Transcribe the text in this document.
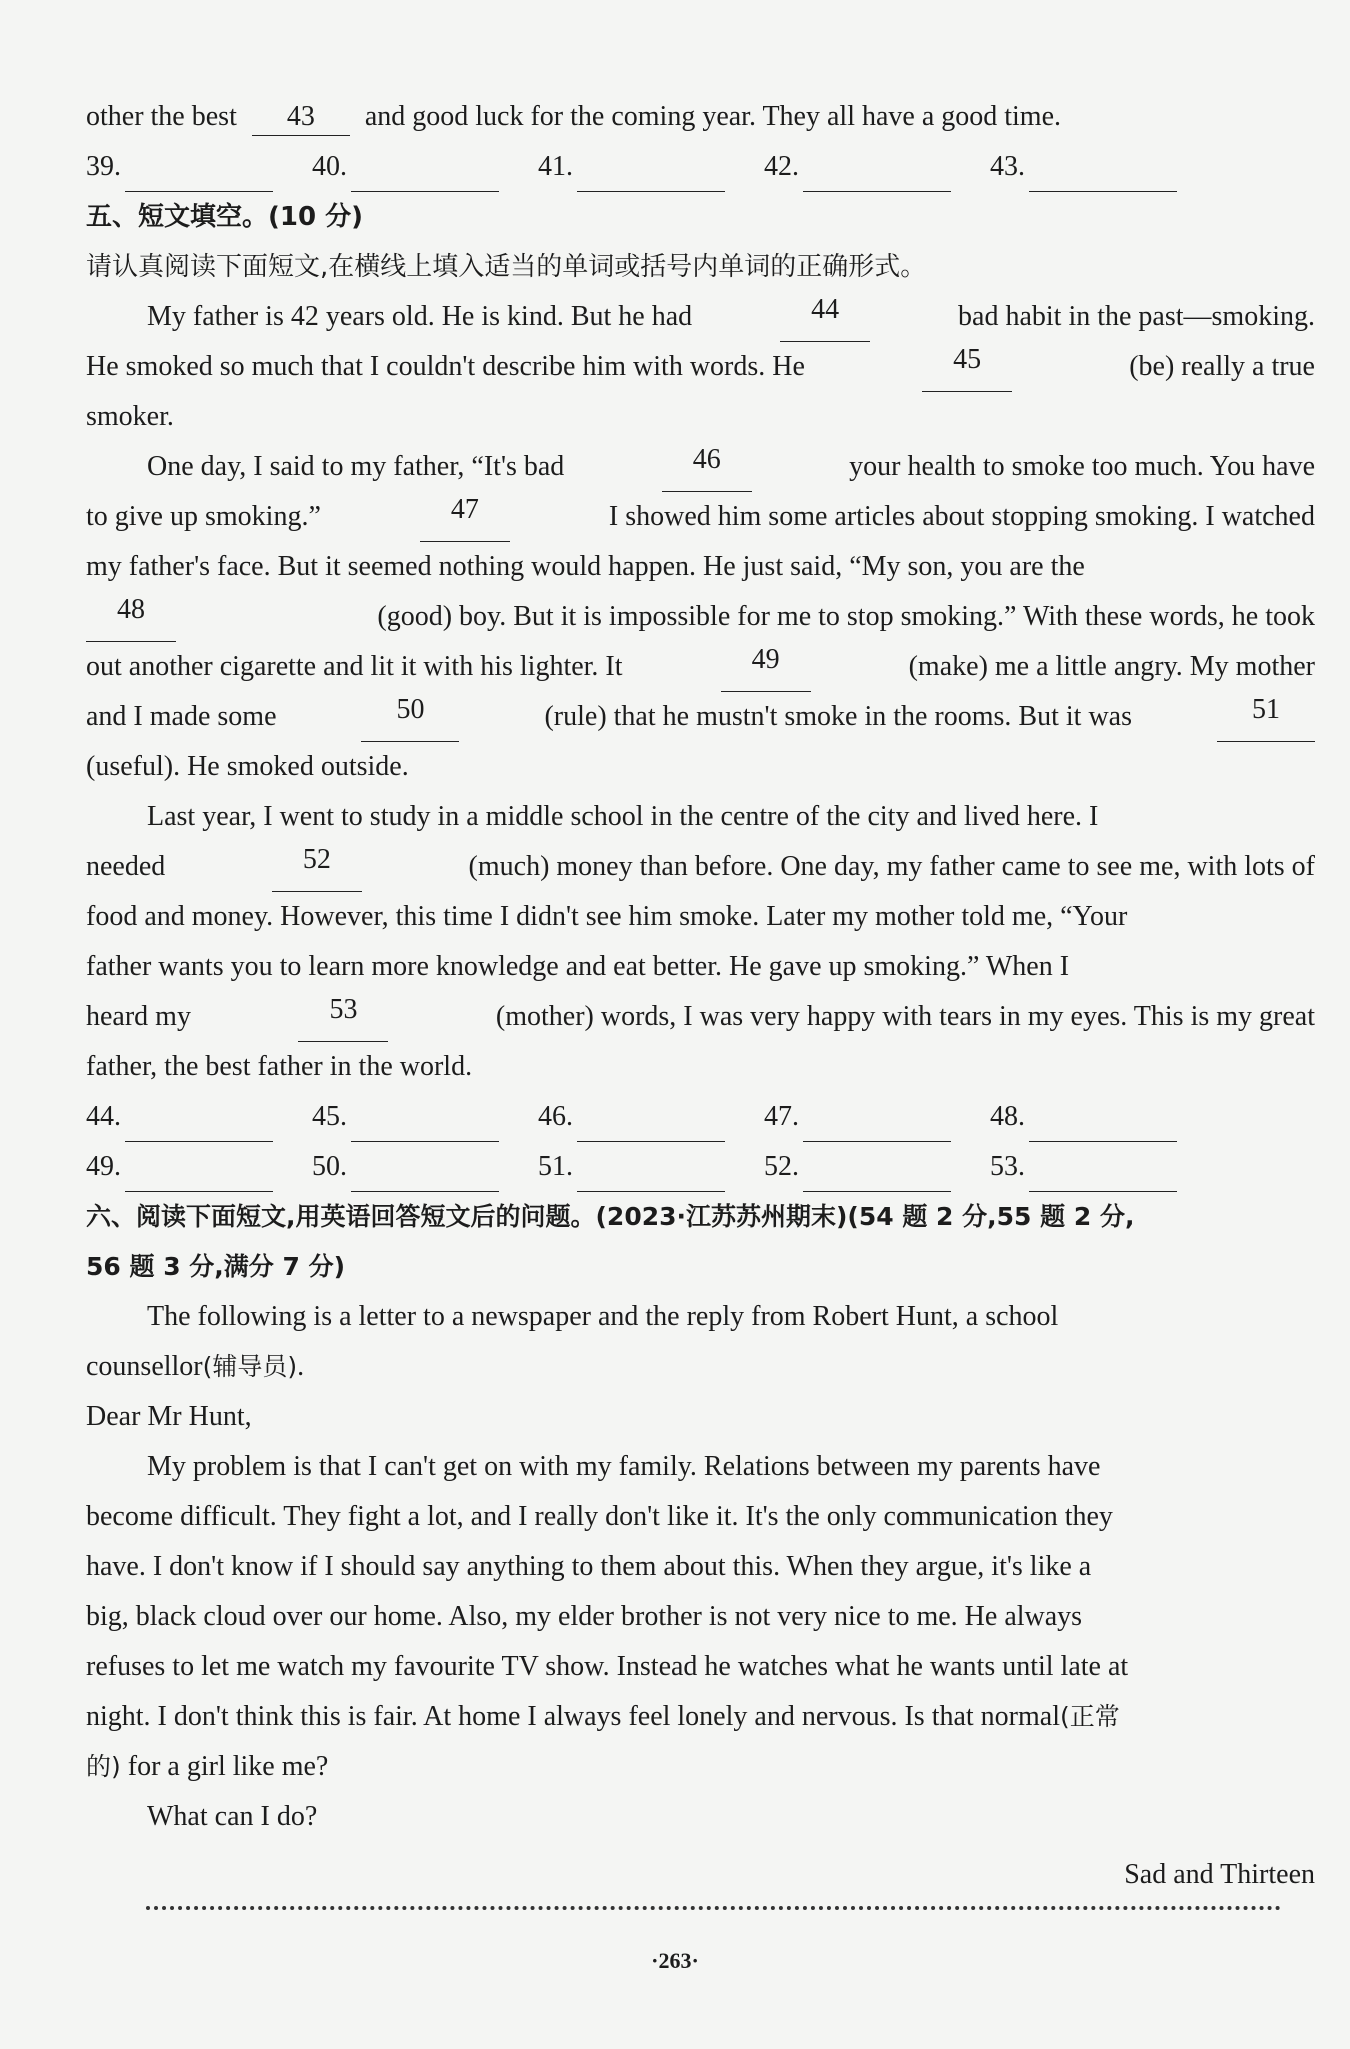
other the best 43 and good luck for the coming year. They all have a good time.
39.	40.	41.	42.	43.
五、短文填空。(10 分)
请认真阅读下面短文,在横线上填入适当的单词或括号内单词的正确形式。
My father is 42 years old. He is kind. But he had	44	bad habit in the past—smoking.
He smoked so much that I couldn't describe him with words. He	45	(be) really a true
smoker.
One day, I said to my father, “It's bad	46	your health to smoke too much. You have
to give up smoking.”	47	I showed him some articles about stopping smoking. I watched
my father's face. But it seemed nothing would happen. He just said, “My son, you are the
48	(good) boy. But it is impossible for me to stop smoking.” With these words, he took
out another cigarette and lit it with his lighter. It	49	(make) me a little angry. My mother
and I made some	50	(rule) that he mustn't smoke in the rooms. But it was	51
(useful). He smoked outside.
Last year, I went to study in a middle school in the centre of the city and lived here. I
needed	52	(much) money than before. One day, my father came to see me, with lots of
food and money. However, this time I didn't see him smoke. Later my mother told me, “Your
father wants you to learn more knowledge and eat better. He gave up smoking.” When I
heard my	53	(mother) words, I was very happy with tears in my eyes. This is my great
father, the best father in the world.
44.	45.	46.	47.	48.
49.	50.	51.	52.	53.
六、阅读下面短文,用英语回答短文后的问题。(2023·江苏苏州期末)(54 题 2 分,55 题 2 分,
56 题 3 分,满分 7 分)
The following is a letter to a newspaper and the reply from Robert Hunt, a school
counsellor(辅导员).
Dear Mr Hunt,
My problem is that I can't get on with my family. Relations between my parents have
become difficult. They fight a lot, and I really don't like it. It's the only communication they
have. I don't know if I should say anything to them about this. When they argue, it's like a
big, black cloud over our home. Also, my elder brother is not very nice to me. He always
refuses to let me watch my favourite TV show. Instead he watches what he wants until late at
night. I don't think this is fair. At home I always feel lonely and nervous. Is that normal(正常
的) for a girl like me?
What can I do?
Sad and Thirteen
·263·
